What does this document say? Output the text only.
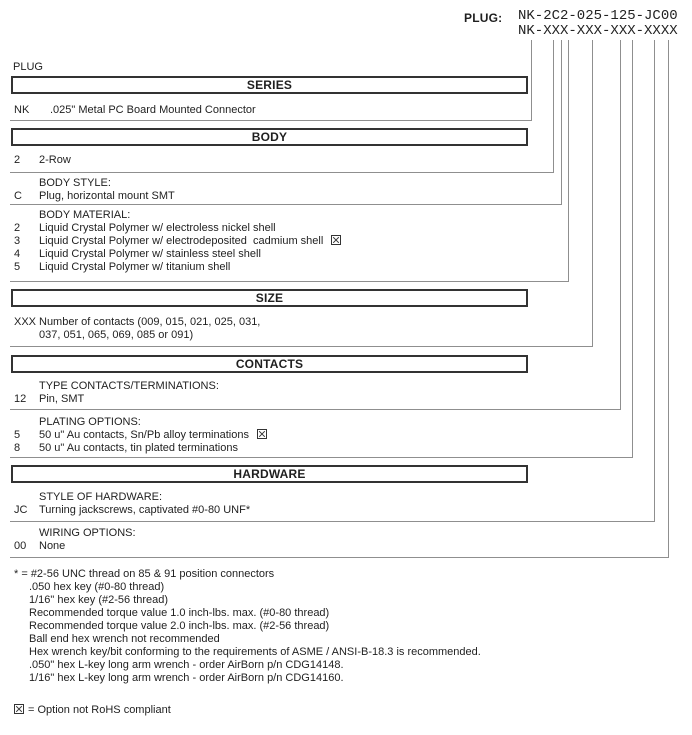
PLUG: NK-2C2-025-125-JC00
NK-XXX-XXX-XXX-XXXX
PLUG
SERIES
NK .025" Metal PC Board Mounted Connector
BODY
2 2-Row
BODY STYLE:
C Plug, horizontal mount SMT
BODY MATERIAL:
2 Liquid Crystal Polymer w/ electroless nickel shell
3 Liquid Crystal Polymer w/ electrodeposited  cadmium shell
4 Liquid Crystal Polymer w/ stainless steel shell
5 Liquid Crystal Polymer w/ titanium shell
SIZE
XXX Number of contacts (009, 015, 021, 025, 031,
037, 051, 065, 069, 085 or 091)
CONTACTS
TYPE CONTACTS/TERMINATIONS:
12 Pin, SMT
PLATING OPTIONS:
5 50 u" Au contacts, Sn/Pb alloy terminations
8 50 u" Au contacts, tin plated terminations
HARDWARE
STYLE OF HARDWARE:
JC Turning jackscrews, captivated #0-80 UNF*
WIRING OPTIONS:
00 None
* = #2-56 UNC thread on 85 & 91 position connectors
.050 hex key (#0-80 thread)
1/16" hex key (#2-56 thread)
Recommended torque value 1.0 inch-lbs. max. (#0-80 thread)
Recommended torque value 2.0 inch-lbs. max. (#2-56 thread)
Ball end hex wrench not recommended
Hex wrench key/bit conforming to the requirements of ASME / ANSI-B-18.3 is recommended.
.050" hex L-key long arm wrench - order AirBorn p/n CDG14148.
1/16" hex L-key long arm wrench - order AirBorn p/n CDG14160.
= Option not RoHS compliant
